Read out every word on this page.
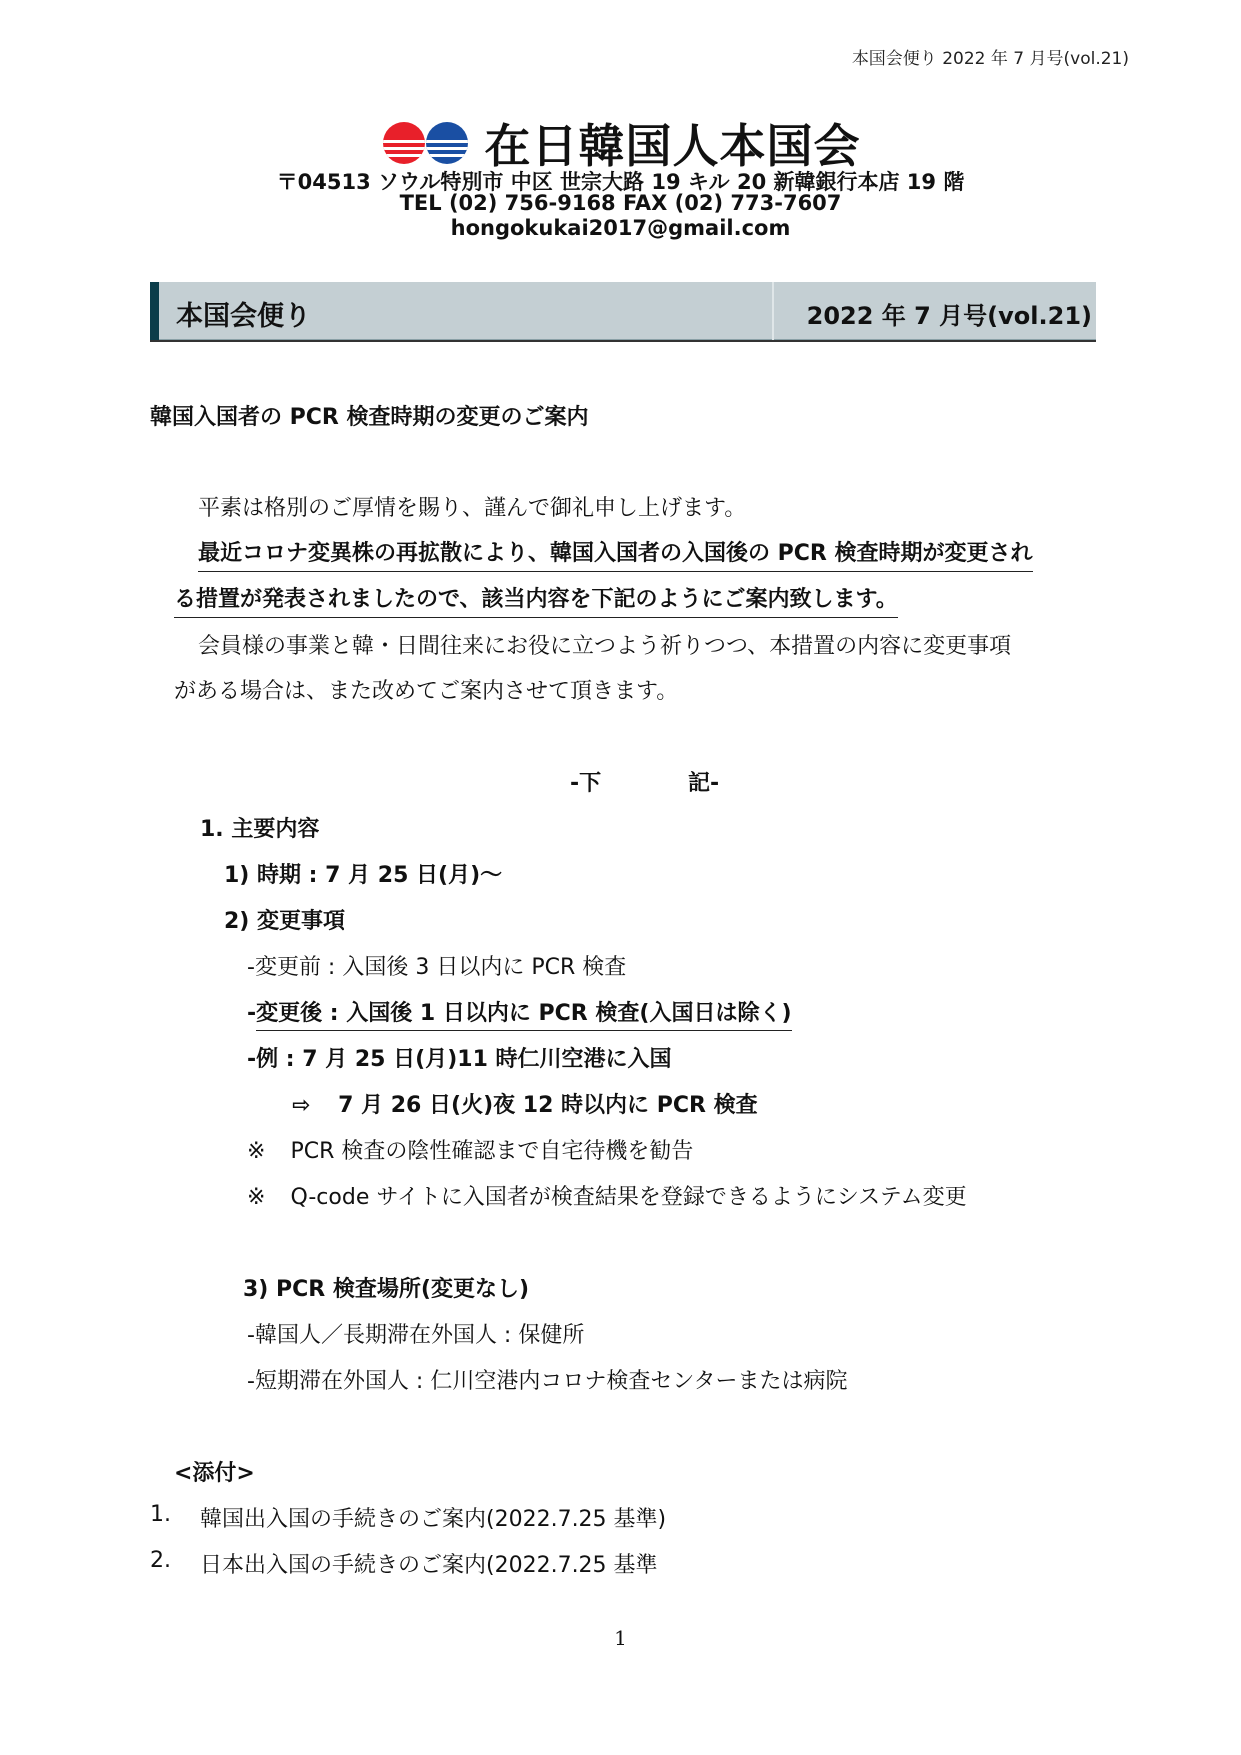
本国会便り 2022 年 7 月号(vol.21)
在日韓国人本国会
〒04513 ソウル特別市 中区 世宗大路 19 キル 20 新韓銀行本店 19 階
TEL (02) 756-9168 FAX (02) 773-7607
hongokukai2017@gmail.com
本国会便り	2022 年 7 月号(vol.21)
韓国入国者の PCR 検査時期の変更のご案内
平素は格別のご厚情を賜り、謹んで御礼申し上げます。
最近コロナ変異株の再拡散により、韓国入国者の入国後の PCR 検査時期が変更され
る措置が発表されましたので、該当内容を下記のようにご案内致します。
会員様の事業と韓・日間往来にお役に立つよう祈りつつ、本措置の内容に変更事項
がある場合は、また改めてご案内させて頂きます。
-下	記-
1. 主要内容
1) 時期 : 7 月 25 日(月)～
2) 変更事項
-変更前 : 入国後 3 日以内に PCR 検査
-変更後 : 入国後 1 日以内に PCR 検査(入国日は除く)
-例 : 7 月 25 日(月)11 時仁川空港に入国
⇨ 7 月 26 日(火)夜 12 時以内に PCR 検査
※ PCR 検査の陰性確認まで自宅待機を勧告
※ Q-code サイトに入国者が検査結果を登録できるようにシステム変更
3) PCR 検査場所(変更なし)
-韓国人／長期滞在外国人 : 保健所
-短期滞在外国人 : 仁川空港内コロナ検査センターまたは病院
<添付>
1. 韓国出入国の手続きのご案内(2022.7.25 基準)
2. 日本出入国の手続きのご案内(2022.7.25 基準
1
